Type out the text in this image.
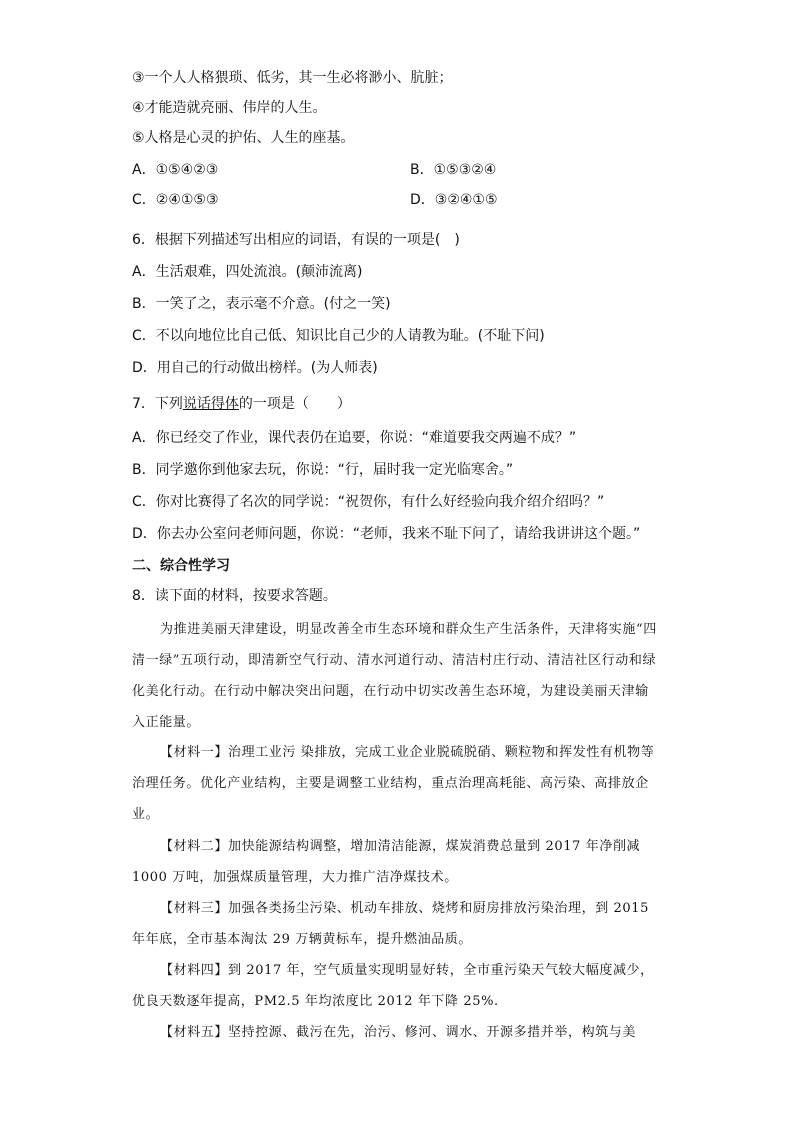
③一个人人格猥琐、低劣，其一生必将渺小、肮脏；
④才能造就亮丽、伟岸的人生。
⑤人格是心灵的护佑、人生的座基。
A．①⑤④②③	B．①⑤③②④
C．②④①⑤③	D．③②④①⑤
6．根据下列描述写出相应的词语，有误的一项是(　)
A．生活艰难，四处流浪。(颠沛流离)
B．一笑了之，表示毫不介意。(付之一笑)
C．不以向地位比自己低、知识比自己少的人请教为耻。(不耻下问)
D．用自己的行动做出榜样。(为人师表)
7．下列说话得体的一项是（　　）
A．你已经交了作业，课代表仍在追要，你说：“难道要我交两遍不成？”
B．同学邀你到他家去玩，你说：“行，届时我一定光临寒舍。”
C．你对比赛得了名次的同学说：“祝贺你，有什么好经验向我介绍介绍吗？”
D．你去办公室问老师问题，你说：“老师，我来不耻下问了，请给我讲讲这个题。”
二、综合性学习
8．读下面的材料，按要求答题。
为推进美丽天津建设，明显改善全市生态环境和群众生产生活条件，天津将实施“四清一绿”五项行动，即清新空气行动、清水河道行动、清洁村庄行动、清洁社区行动和绿化美化行动。在行动中解决突出问题，在行动中切实改善生态环境，为建设美丽天津输入正能量。
【材料一】治理工业污 染排放，完成工业企业脱硫脱硝、颗粒物和挥发性有机物等治理任务。优化产业结构，主要是调整工业结构，重点治理高耗能、高污染、高排放企业。
【材料二】加快能源结构调整，增加清洁能源，煤炭消费总量到 2017 年净削减 1000 万吨，加强煤质量管理，大力推广洁净煤技术。
【材料三】加强各类扬尘污染、机动车排放、烧烤和厨房排放污染治理，到 2015 年年底，全市基本淘汰 29 万辆黄标车，提升燃油品质。
【材料四】到 2017 年，空气质量实现明显好转，全市重污染天气较大幅度减少，优良天数逐年提高，PM2.5 年均浓度比 2012 年下降 25%.
【材料五】坚持控源、截污在先，治污、修河、调水、开源多措并举，构筑与美
